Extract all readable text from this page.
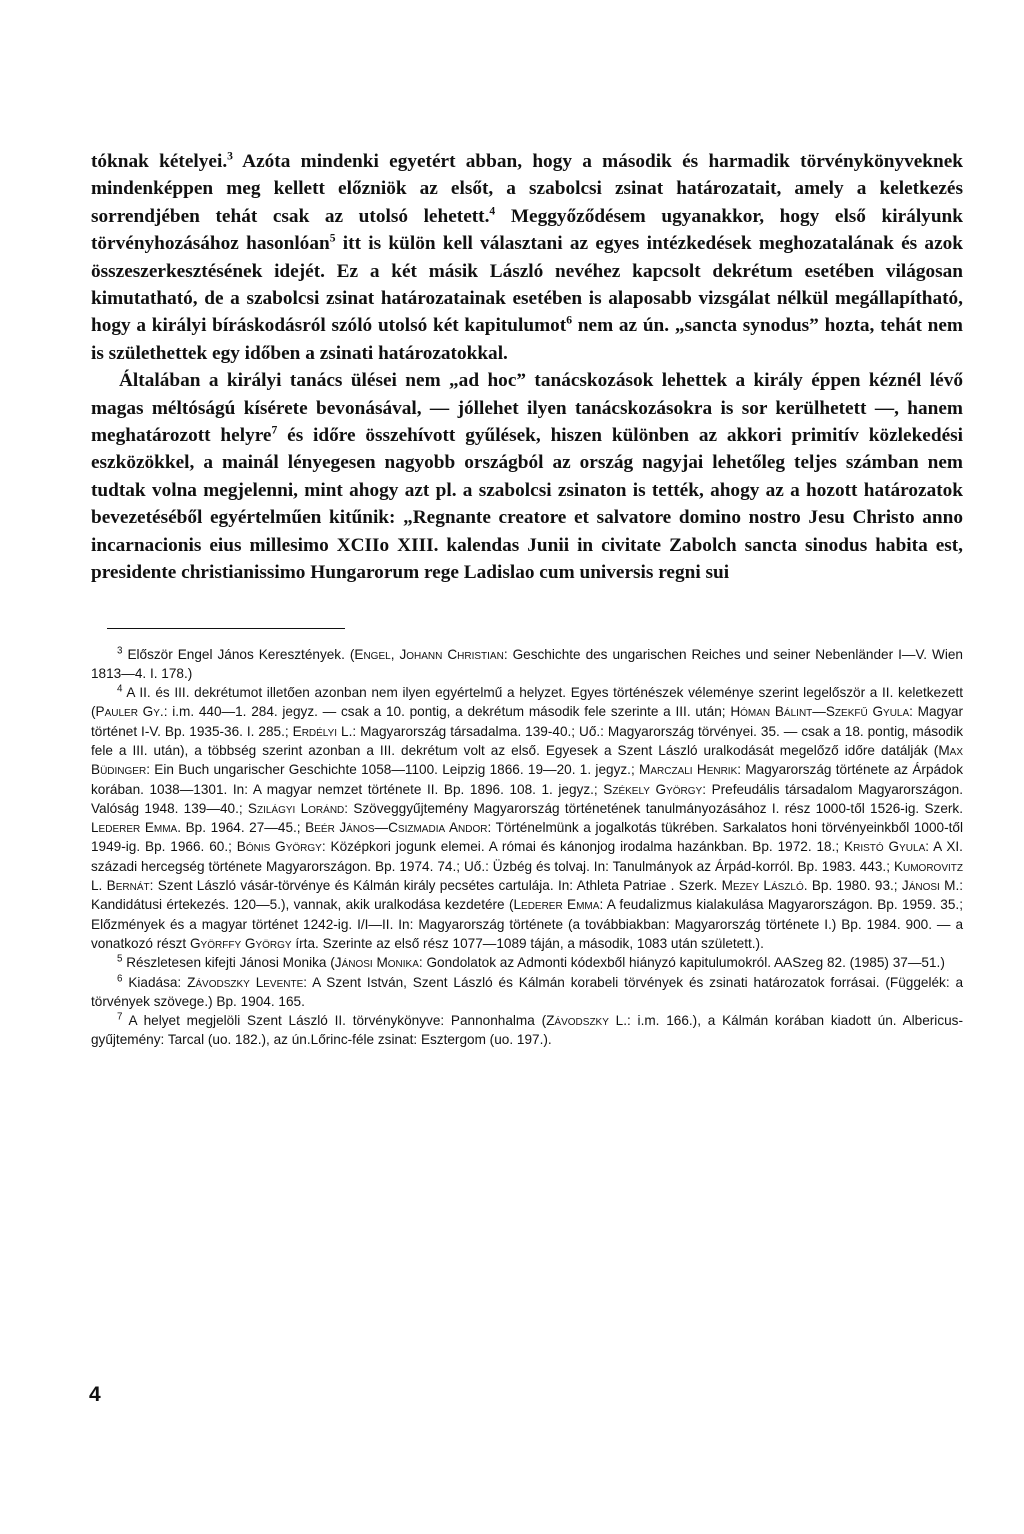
tóknak kételyei.$^3$ Azóta mindenki egyetért abban, hogy a második és harmadik törvénykönyveknek mindenképpen meg kellett előzniök az elsőt, a szabolcsi zsinat határozatait, amely a keletkezés sorrendjében tehát csak az utolsó lehetett.$^4$ Meggyőződésem ugyanakkor, hogy első királyunk törvényhozásához hasonlóan$^5$ itt is külön kell választani az egyes intézkedések meghozatalának és azok összeszerkesztésének idejét. Ez a két másik László nevéhez kapcsolt dekrétum esetében világosan kimutatható, de a szabolcsi zsinat határozatainak esetében is alaposabb vizsgálat nélkül megállapítható, hogy a királyi bíráskodásról szóló utolsó két kapitulumot$^6$ nem az ún. „sancta synodus” hozta, tehát nem is születhettek egy időben a zsinati határozatokkal.

Általában a királyi tanács ülései nem „ad hoc” tanácskozások lehettek a király éppen kéznél lévő magas méltóságú kísérete bevonásával, — jóllehet ilyen tanácskozásokra is sor kerülhetett —, hanem meghatározott helyre$^7$ és időre összehívott gyűlések, hiszen különben az akkori primitív közlekedési eszközökkel, a mainál lényegesen nagyobb országból az ország nagyjai lehetőleg teljes számban nem tudtak volna megjelenni, mint ahogy azt pl. a szabolcsi zsinaton is tették, ahogy az a hozott határozatok bevezetéséből egyértelműen kitűnik: „Regnante creatore et salvatore domino nostro Jesu Christo anno incarnacionis eius millesimo XCIIo XIII. kalendas Junii in civitate Zabolch sancta sinodus habita est, presidente christianissimo Hungarorum rege Ladislao cum universis regni sui

$^3$ Először Engel János Keresztények. (Engel, Johann Christian: Geschichte des ungarischen Reiches und seiner Nebenländer I—V. Wien 1813—4. I. 178.)

$^4$ A II. és III. dekrétumot illetően azonban nem ilyen egyértelmű a helyzet. Egyes történészek véleménye szerint legelőször a II. keletkezett (Pauler Gy.: i.m. 440—1. 284. jegyz. — csak a 10. pontig, a dekrétum második fele szerinte a III. után; Hóman Bálint—Szekfű Gyula: Magyar történet I-V. Bp. 1935-36. I. 285.; Erdélyi L.: Magyarország társadalma. 139-40.; Uő.: Magyarország törvényei. 35. — csak a 18. pontig, második fele a III. után), a többség szerint azonban a III. dekrétum volt az első. Egyesek a Szent László uralkodását megelőző időre datálják (Max Büdinger: Ein Buch ungarischer Geschichte 1058—1100. Leipzig 1866. 19—20. 1. jegyz.; Marczali Henrik: Magyarország története az Árpádok korában. 1038—1301. In: A magyar nemzet története II. Bp. 1896. 108. 1. jegyz.; Székely György: Prefeudális társadalom Magyarországon. Valóság 1948. 139—40.; Szilágyi Loránd: Szöveggyűjtemény Magyarország történetének tanulmányozásához I. rész 1000-től 1526-ig. Szerk. Lederer Emma. Bp. 1964. 27—45.; Beér János—Csizmadia Andor: Történelmünk a jogalkotás tükrében. Sarkalatos honi törvényeinkből 1000-től 1949-ig. Bp. 1966. 60.; Bónis György: Középkori jogunk elemei. A római és kánonjog irodalma hazánkban. Bp. 1972. 18.; Kristó Gyula: A XI. századi hercegség története Magyarországon. Bp. 1974. 74.; Uő.: Üzbég és tolvaj. In: Tanulmányok az Árpád-korról. Bp. 1983. 443.; Kumorovitz L. Bernát: Szent László vásár-törvénye és Kálmán király pecsétes cartulája. In: Athleta Patriae . Szerk. Mezey László. Bp. 1980. 93.; Jánosi M.: Kandidátusi értekezés. 120—5.), vannak, akik uralkodása kezdetére (Lederer Emma: A feudalizmus kialakulása Magyarországon. Bp. 1959. 35.; Előzmények és a magyar történet 1242-ig. I/I—II. In: Magyarország története (a továbbiakban: Magyarország története I.) Bp. 1984. 900. — a vonatkozó részt Györffy György írta. Szerinte az első rész 1077—1089 táján, a második, 1083 után született.).

$^5$ Részletesen kifejti Jánosi Monika (Jánosi Monika: Gondolatok az Admonti kódexből hiányzó kapitulumokról. AASzeg 82. (1985) 37—51.)

$^6$ Kiadása: Závodszky Levente: A Szent István, Szent László és Kálmán korabeli törvények és zsinati határozatok forrásai. (Függelék: a törvények szövege.) Bp. 1904. 165.

$^7$ A helyet megjelöli Szent László II. törvénykönyve: Pannonhalma (Závodszky L.: i.m. 166.), a Kálmán korában kiadott ún. Albericus-gyűjtemény: Tarcal (uo. 182.), az ún.Lőrinc-féle zsinat: Esztergom (uo. 197.).

4
